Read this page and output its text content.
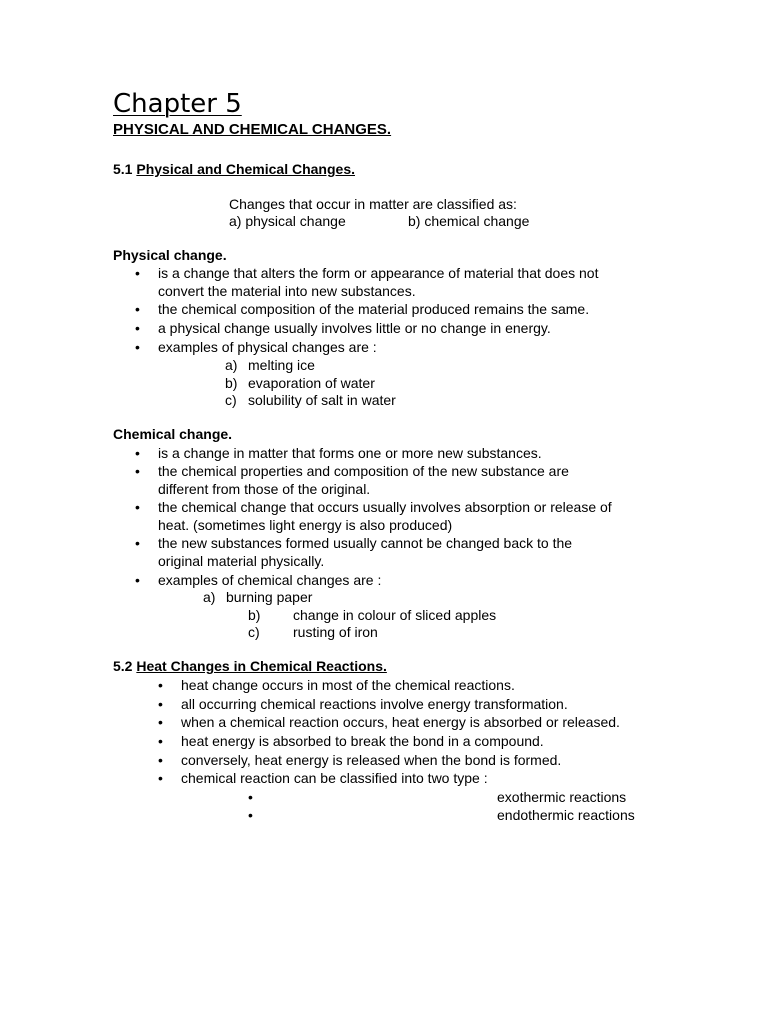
Chapter 5
PHYSICAL AND CHEMICAL CHANGES.
5.1 Physical and Chemical Changes.
Changes that occur in matter are classified as:
a) physical change	b) chemical change
Physical change.
• is a change that alters the form or appearance of material that does not
convert the material into new substances.
• the chemical composition of the material produced remains the same.
• a physical change usually involves little or no change in energy.
• examples of physical changes are :
a) melting ice
b) evaporation of water
c) solubility of salt in water
Chemical change.
• is a change in matter that forms one or more new substances.
• the chemical properties and composition of the new substance are
different from those of the original.
• the chemical change that occurs usually involves absorption or release of
heat. (sometimes light energy is also produced)
• the new substances formed usually cannot be changed back to the
original material physically.
• examples of chemical changes are :
a) burning paper
b) change in colour of sliced apples
c) rusting of iron
5.2 Heat Changes in Chemical Reactions.
• heat change occurs in most of the chemical reactions.
• all occurring chemical reactions involve energy transformation.
• when a chemical reaction occurs, heat energy is absorbed or released.
• heat energy is absorbed to break the bond in a compound.
• conversely, heat energy is released when the bond is formed.
• chemical reaction can be classified into two type :
•	exothermic reactions
•	endothermic reactions
